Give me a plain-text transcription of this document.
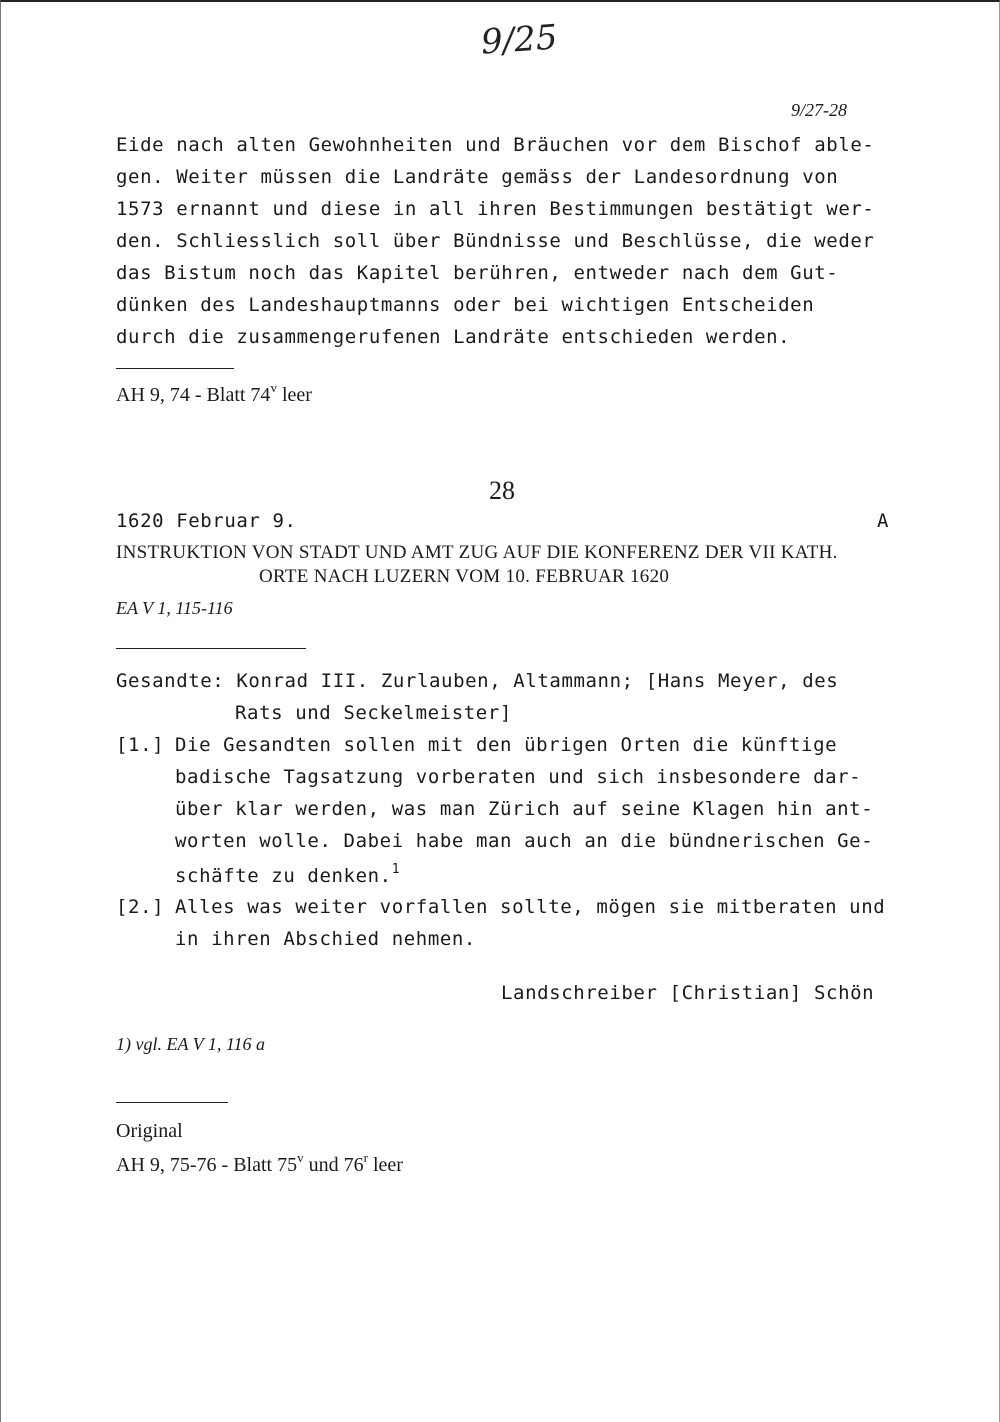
9/25
9/27-28
Eide nach alten Gewohnheiten und Bräuchen vor dem Bischof able-
gen. Weiter müssen die Landräte gemäss der Landesordnung von
1573 ernannt und diese in all ihren Bestimmungen bestätigt wer-
den. Schliesslich soll über Bündnisse und Beschlüsse, die weder
das Bistum noch das Kapitel berühren, entweder nach dem Gut-
dünken des Landeshauptmanns oder bei wichtigen Entscheiden
durch die zusammengerufenen Landräte entschieden werden.
AH 9, 74 - Blatt 74$^v$ leer
28
1620 Februar 9.	A
INSTRUKTION VON STADT UND AMT ZUG AUF DIE KONFERENZ DER VII KATH.
ORTE NACH LUZERN VOM 10. FEBRUAR 1620
EA V 1, 115-116
Gesandte: Konrad III. Zurlauben, Altammann; [Hans Meyer, des
Rats und Seckelmeister]
[1.] Die Gesandten sollen mit den übrigen Orten die künftige
badische Tagsatzung vorberaten und sich insbesondere dar-
über klar werden, was man Zürich auf seine Klagen hin ant-
worten wolle. Dabei habe man auch an die bündnerischen Ge-
schäfte zu denken.$^1$
[2.] Alles was weiter vorfallen sollte, mögen sie mitberaten und
in ihren Abschied nehmen.
Landschreiber [Christian] Schön
1) vgl. EA V 1, 116 a
Original
AH 9, 75-76 - Blatt 75$^v$ und 76$^r$ leer
